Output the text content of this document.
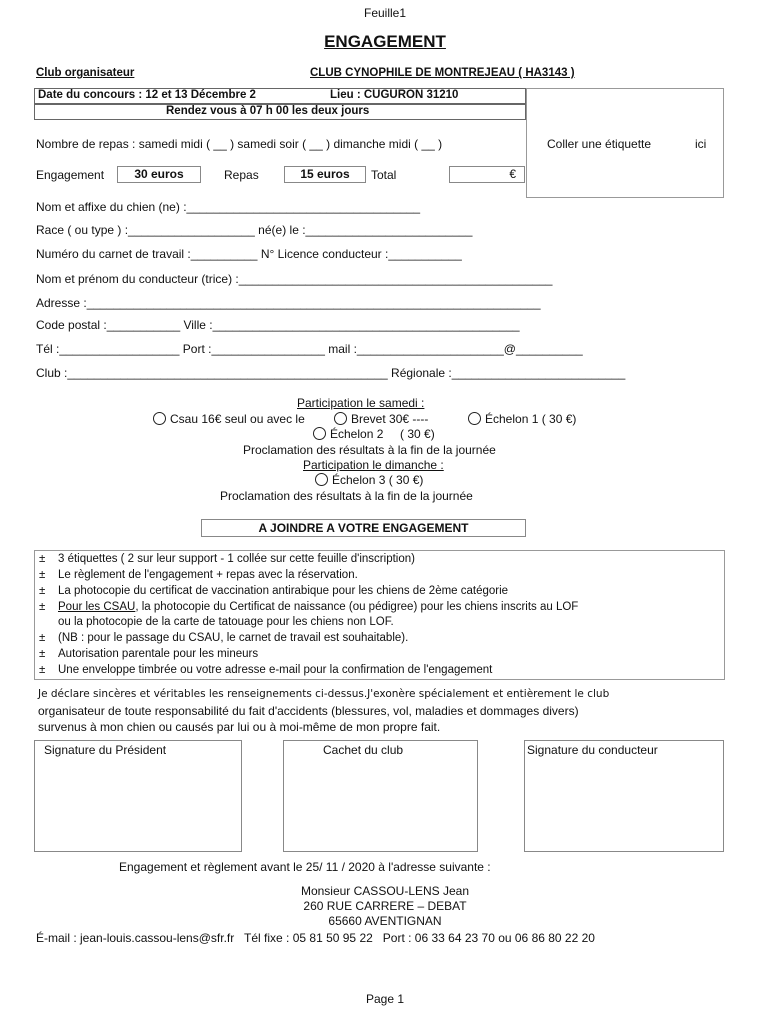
Feuille1
ENGAGEMENT
Club organisateur	CLUB CYNOPHILE DE MONTREJEAU ( HA3143 )
Date du concours : 12 et 13 Décembre 2	Lieu : CUGURON 31210
Rendez vous à 07 h 00 les deux jours
Coller une étiquette	ici
Nombre de repas : samedi midi ( __ ) samedi soir ( __ ) dimanche midi ( __ )
Engagement	30 euros	Repas	15 euros	Total	€
Nom et affixe du chien (ne) :___________________________________
Race ( ou type ) :___________________ né(e) le :_________________________
Numéro du carnet de travail :__________ N° Licence conducteur :___________
Nom et prénom du conducteur (trice) :_______________________________________________
Adresse :____________________________________________________________________
Code postal :___________ Ville :______________________________________________
Tél :__________________ Port :_________________ mail :______________________@__________
Club :________________________________________________ Régionale :__________________________
Participation le samedi :
Csau 16€ seul ou avec le	Brevet 30€ ----	Échelon 1 ( 30 €)
Échelon 2     ( 30 €)
Proclamation des résultats à la fin de la journée
Participation le dimanche :
Échelon 3 ( 30 €)
Proclamation des résultats à la fin de la journée
A JOINDRE A VOTRE ENGAGEMENT
± 3 étiquettes ( 2 sur leur support - 1 collée sur cette feuille d'inscription)
± Le règlement de l'engagement + repas avec la réservation.
± La photocopie du certificat de vaccination antirabique pour les chiens de 2ème catégorie
± Pour les CSAU, la photocopie du Certificat de naissance (ou pédigree) pour les chiens inscrits au LOF
ou la photocopie de la carte de tatouage pour les chiens non LOF.
± (NB : pour le passage du CSAU, le carnet de travail est souhaitable).
± Autorisation parentale pour les mineurs
± Une enveloppe timbrée ou votre adresse e-mail pour la confirmation de l'engagement
Je déclare sincères et véritables les renseignements ci-dessus.J'exonère spécialement et entièrement le club
organisateur de toute responsabilité du fait d'accidents (blessures, vol, maladies et dommages divers)
survenus à mon chien ou causés par lui ou à moi-même de mon propre fait.
Signature du Président	Cachet du club	Signature du conducteur
Engagement et règlement avant le 25/ 11 / 2020 à l'adresse suivante :
Monsieur CASSOU-LENS Jean
260 RUE CARRERE – DEBAT
65660 AVENTIGNAN
É-mail : jean-louis.cassou-lens@sfr.fr   Tél fixe : 05 81 50 95 22   Port : 06 33 64 23 70 ou 06 86 80 22 20
Page 1
